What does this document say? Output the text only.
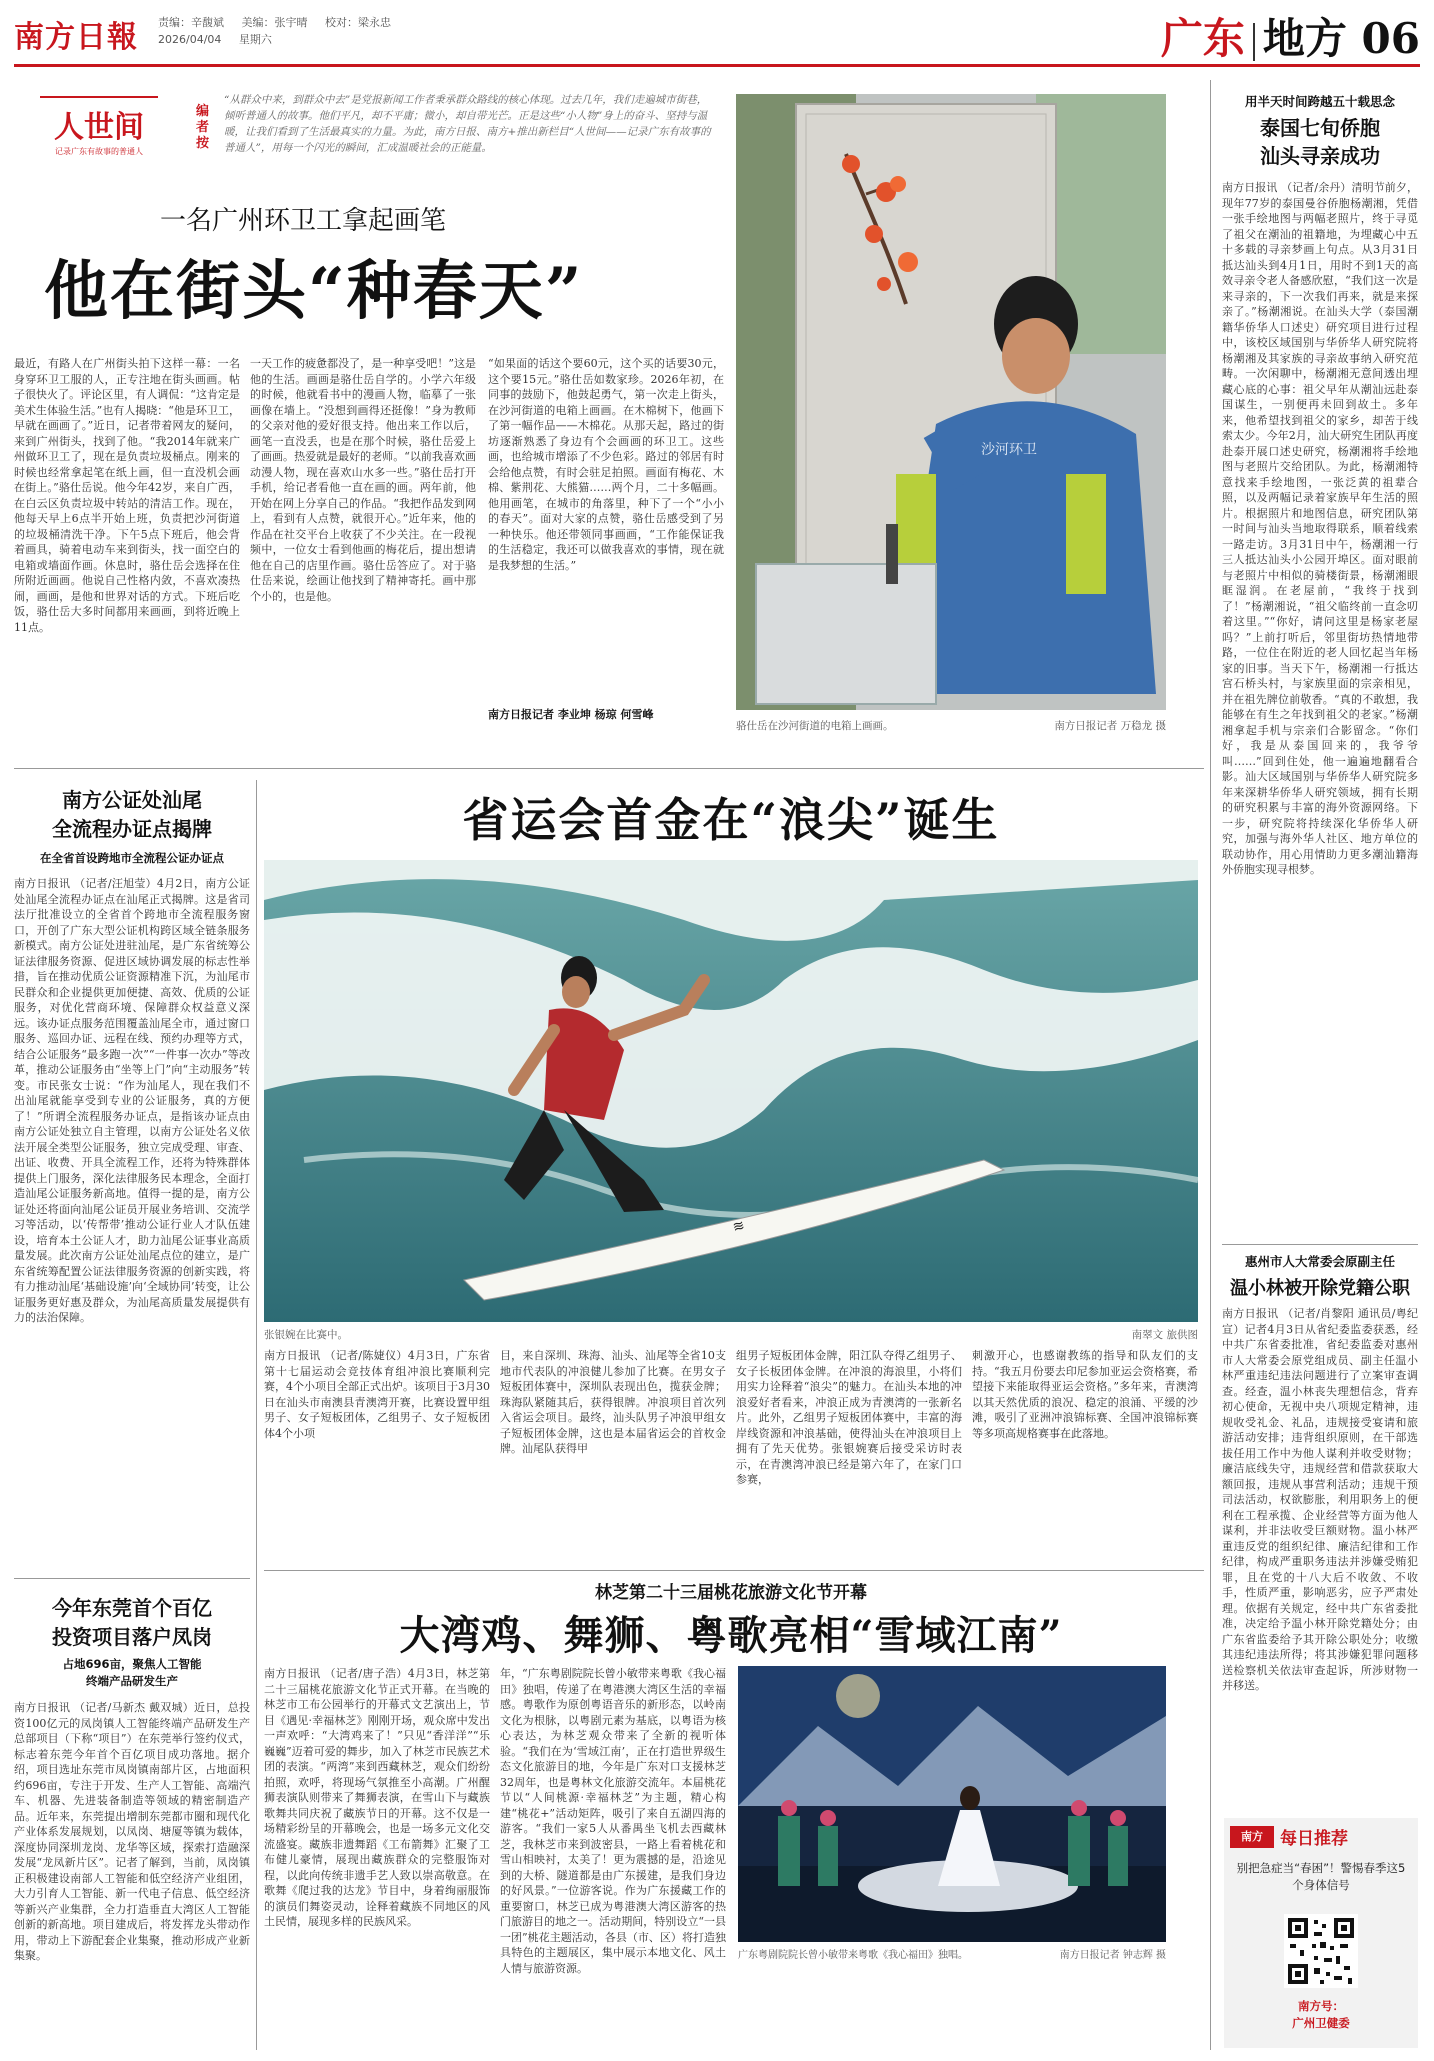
南方日報 责编：辛馥斌 美编：张宇晴 校对：梁永忠
2026/04/04 星期六	广东 地方 06
人世间
记录广东有故事的普通人
编者按
“从群众中来，到群众中去”是党报新闻工作者秉承群众路线的核心体现。过去几年，我们走遍城市街巷，倾听普通人的故事。他们平凡，却不平庸；微小，却自带光芒。正是这些“小人物”身上的奋斗、坚持与温暖，让我们看到了生活最真实的力量。为此，南方日报、南方+推出新栏目“人世间——记录广东有故事的普通人”，用每一个闪光的瞬间，汇成温暖社会的正能量。
一名广州环卫工拿起画笔
他在街头“种春天”
最近，有路人在广州街头拍下这样一幕：一名身穿环卫工服的人，正专注地在街头画画。帖子很快火了。评论区里，有人调侃：“这肯定是美术生体验生活。”也有人揭晓：“他是环卫工，早就在画画了。”近日，记者带着网友的疑问，来到广州街头，找到了他。“我2014年就来广州做环卫工了，现在是负责垃圾桶点。刚来的时候也经常拿起笔在纸上画，但一直没机会画在街上。”骆仕岳说。他今年42岁，来自广西，在白云区负责垃圾中转站的清洁工作。现在，他每天早上6点半开始上班，负责把沙河街道的垃圾桶清洗干净。下午5点下班后，他会背着画具，骑着电动车来到街头，找一面空白的电箱或墙面作画。休息时，骆仕岳会选择在住所附近画画。他说自己性格内敛，不喜欢凑热闹，画画，是他和世界对话的方式。下班后吃饭，骆仕岳大多时间都用来画画，到将近晚上11点。
一天工作的疲惫都没了，是一种享受吧！”这是他的生活。画画是骆仕岳自学的。小学六年级的时候，他就看书中的漫画人物，临摹了一张画像在墙上。“没想到画得还挺像！”身为教师的父亲对他的爱好很支持。他出来工作以后，画笔一直没丢，也是在那个时候，骆仕岳爱上了画画。热爱就是最好的老师。“以前我喜欢画动漫人物，现在喜欢山水多一些。”骆仕岳打开手机，给记者看他一直在画的画。两年前，他开始在网上分享自己的作品。“我把作品发到网上，看到有人点赞，就很开心。”近年来，他的作品在社交平台上收获了不少关注。在一段视频中，一位女士看到他画的梅花后，提出想请他在自己的店里作画。骆仕岳答应了。对于骆仕岳来说，绘画让他找到了精神寄托。画中那个小的，也是他。
“如果面的话这个要60元，这个买的话要30元，这个要15元。”骆仕岳如数家珍。2026年初，在同事的鼓励下，他鼓起勇气，第一次走上街头，在沙河街道的电箱上画画。在木棉树下，他画下了第一幅作品——木棉花。从那天起，路过的街坊逐渐熟悉了身边有个会画画的环卫工。这些画，也给城市增添了不少色彩。路过的邻居有时会给他点赞，有时会驻足拍照。画面有梅花、木棉、紫荆花、大熊猫……两个月，二十多幅画。他用画笔，在城市的角落里，种下了一个“小小的春天”。面对大家的点赞，骆仕岳感受到了另一种快乐。他还带领同事画画，“工作能保证我的生活稳定，我还可以做我喜欢的事情，现在就是我梦想的生活。”
南方日报记者 李业坤 杨琼 何雪峰
沙河环卫
骆仕岳在沙河街道的电箱上画画。	南方日报记者 万稳龙 摄
用半天时间跨越五十载思念
泰国七旬侨胞
汕头寻亲成功
南方日报讯 （记者/余丹）清明节前夕，现年77岁的泰国曼谷侨胞杨潮湘，凭借一张手绘地图与两幅老照片，终于寻觅了祖父在潮汕的祖籍地，为埋藏心中五十多载的寻亲梦画上句点。从3月31日抵达汕头到4月1日，用时不到1天的高效寻亲令老人备感欣慰，“我们这一次是来寻亲的，下一次我们再来，就是来探亲了。”杨潮湘说。在汕头大学（泰国潮籍华侨华人口述史）研究项目进行过程中，该校区域国别与华侨华人研究院将杨潮湘及其家族的寻亲故事纳入研究范畴。一次闲聊中，杨潮湘无意间透出埋藏心底的心事：祖父早年从潮汕远赴泰国谋生，一别便再未回到故土。多年来，他希望找到祖父的家乡，却苦于线索太少。今年2月，汕大研究生团队再度赴泰开展口述史研究，杨潮湘将手绘地图与老照片交给团队。为此，杨潮湘特意找来手绘地图，一张泛黄的祖辈合照，以及两幅记录着家族早年生活的照片。根据照片和地图信息，研究团队第一时间与汕头当地取得联系，顺着线索一路走访。3月31日中午，杨潮湘一行三人抵达汕头小公园开埠区。面对眼前与老照片中相似的骑楼街景，杨潮湘眼眶湿润。在老屋前，“我终于找到了！”杨潮湘说，“祖父临终前一直念叨着这里。”“你好，请问这里是杨家老屋吗？”上前打听后，邻里街坊热情地带路，一位住在附近的老人回忆起当年杨家的旧事。当天下午，杨潮湘一行抵达宫石桥头村，与家族里面的宗亲相见，并在祖先牌位前敬香。“真的不敢想，我能够在有生之年找到祖父的老家。”杨潮湘拿起手机与宗亲们合影留念。“你们好，我是从泰国回来的，我爷爷叫……”回到住处，他一遍遍地翻看合影。汕大区域国别与华侨华人研究院多年来深耕华侨华人研究领域，拥有长期的研究积累与丰富的海外资源网络。下一步，研究院将持续深化华侨华人研究，加强与海外华人社区、地方单位的联动协作，用心用情助力更多潮汕籍海外侨胞实现寻根梦。
南方公证处汕尾
全流程办证点揭牌
在全省首设跨地市全流程公证办证点
南方日报讯 （记者/汪旭莹）4月2日，南方公证处汕尾全流程办证点在汕尾正式揭牌。这是省司法厅批准设立的全省首个跨地市全流程服务窗口，开创了广东大型公证机构跨区域全链条服务新模式。南方公证处进驻汕尾，是广东省统筹公证法律服务资源、促进区域协调发展的标志性举措，旨在推动优质公证资源精准下沉，为汕尾市民群众和企业提供更加便捷、高效、优质的公证服务，对优化营商环境、保障群众权益意义深远。该办证点服务范围覆盖汕尾全市，通过窗口服务、巡回办证、远程在线、预约办理等方式，结合公证服务“最多跑一次”“一件事一次办”等改革，推动公证服务由“坐等上门”向“主动服务”转变。市民张女士说：“作为汕尾人，现在我们不出汕尾就能享受到专业的公证服务，真的方便了！”所谓全流程服务办证点，是指该办证点由南方公证处独立自主管理，以南方公证处名义依法开展全类型公证服务，独立完成受理、审查、出证、收费、开具全流程工作，还将为特殊群体提供上门服务，深化法律服务民本理念，全面打造汕尾公证服务新高地。值得一提的是，南方公证处还将面向汕尾公证员开展业务培训、交流学习等活动，以‘传帮带’推动公证行业人才队伍建设，培育本土公证人才，助力汕尾公证事业高质量发展。此次南方公证处汕尾点位的建立，是广东省统筹配置公证法律服务资源的创新实践，将有力推动汕尾‘基础设施’向‘全域协同’转变，让公证服务更好惠及群众，为汕尾高质量发展提供有力的法治保障。
省运会首金在“浪尖”诞生
≋
张银婉在比赛中。	南翠文 旅供图
南方日报讯 （记者/陈婕仪）4月3日，广东省第十七届运动会竞技体育组冲浪比赛顺利完赛，4个小项目全部正式出炉。该项目于3月30日在汕头市南澳县青澳湾开赛，比赛设置甲组男子、女子短板团体，乙组男子、女子短板团体4个小项
目，来自深圳、珠海、汕头、汕尾等全省10支地市代表队的冲浪健儿参加了比赛。在男女子短板团体赛中，深圳队表现出色，揽获金牌；珠海队紧随其后，获得银牌。冲浪项目首次列入省运会项目。最终，汕头队男子冲浪甲组女子短板团体金牌，这也是本届省运会的首枚金牌。汕尾队获得甲
组男子短板团体金牌，阳江队夺得乙组男子、女子长板团体金牌。在冲浪的海浪里，小将们用实力诠释着“浪尖”的魅力。在汕头本地的冲浪爱好者看来，冲浪正成为青澳湾的一张新名片。此外，乙组男子短板团体赛中，丰富的海岸线资源和冲浪基础，使得汕头在冲浪项目上拥有了先天优势。张银婉赛后接受采访时表示，在青澳湾冲浪已经是第六年了，在家门口参赛，
刺激开心，也感谢教练的指导和队友们的支持。“我五月份要去印尼参加亚运会资格赛，希望接下来能取得亚运会资格。”多年来，青澳湾以其天然优质的浪况、稳定的浪涌、平缓的沙滩，吸引了亚洲冲浪锦标赛、全国冲浪锦标赛等多项高规格赛事在此落地。
今年东莞首个百亿
投资项目落户凤岗
占地696亩，聚焦人工智能
终端产品研发生产
南方日报讯 （记者/马新杰 戴双城）近日，总投资100亿元的凤岗镇人工智能终端产品研发生产总部项目（下称“项目”）在东莞举行签约仪式，标志着东莞今年首个百亿项目成功落地。据介绍，项目选址东莞市凤岗镇南部片区，占地面积约696亩，专注于开发、生产人工智能、高端汽车、机器、先进装备制造等领域的精密制造产品。近年来，东莞提出增制东莞都市圈和现代化产业体系发展规划，以凤岗、塘厦等镇为载体，深度协同深圳龙岗、龙华等区域，探索打造融深发展“龙凤新片区”。记者了解到，当前，凤岗镇正积极建设南部人工智能和低空经济产业组团，大力引育人工智能、新一代电子信息、低空经济等新兴产业集群，全力打造垂直大湾区人工智能创新的新高地。项目建成后，将发挥龙头带动作用，带动上下游配套企业集聚，推动形成产业新集聚。
林芝第二十三届桃花旅游文化节开幕
大湾鸡、舞狮、粤歌亮相“雪域江南”
南方日报讯 （记者/唐子浩）4月3日，林芝第二十三届桃花旅游文化节正式开幕。在当晚的林芝市工布公园举行的开幕式文艺演出上，节目《遇见·幸福林芝》刚刚开场，观众席中发出一声欢呼：“大湾鸡来了！”只见“香洋洋”“乐巍巍”迈着可爱的舞步，加入了林芝市民族艺术团的表演。“两湾”来到西藏林芝，观众们纷纷拍照，欢呼，将现场气氛推至小高潮。广州醒狮表演队则带来了舞狮表演，在雪山下与藏族歌舞共同庆祝了藏族节日的开幕。这不仅是一场精彩纷呈的开幕晚会，也是一场多元文化交流盛宴。藏族非遗舞蹈《工布箭舞》汇聚了工布健儿豪情，展现出藏族群众的完整服饰对程，以此向传统非遗手艺人致以崇高敬意。在歌舞《爬过我的达龙》节目中，身着绚丽服饰的演员们舞姿灵动，诠释着藏族不同地区的风土民情，展现多样的民族风采。
年，“广东粤剧院院长曾小敏带来粤歌《我心福田》独唱，传递了在粤港澳大湾区生活的幸福感。粤歌作为原创粤语音乐的新形态，以岭南文化为根脉，以粤剧元素为基底，以粤语为核心表达，为林芝观众带来了全新的视听体验。“我们在为‘雪域江南’，正在打造世界级生态文化旅游目的地，今年是广东对口支援林芝32周年，也是粤林文化旅游交流年。本届桃花节以“人间桃源·幸福林芝”为主题，精心构建“桃花+”活动矩阵，吸引了来自五湖四海的游客。“我们一家5人从番禺坐飞机去西藏林芝，我林芝市来到波密县，一路上看着桃花和雪山相映衬，太美了！更为震撼的是，沿途见到的大桥、隧道都是由广东援建，是我们身边的好风景。”一位游客说。作为广东援藏工作的重要窗口，林芝已成为粤港澳大湾区游客的热门旅游目的地之一。活动期间，特别设立“一县一团”桃花主题活动，各县（市、区）将打造独具特色的主题展区，集中展示本地文化、风土人情与旅游资源。
广东粤剧院院长曾小敏带来粤歌《我心福田》独唱。	南方日报记者 钟志辉 摄
惠州市人大常委会原副主任
温小林被开除党籍公职
南方日报讯 （记者/肖黎阳 通讯员/粤纪宣）记者4月3日从省纪委监委获悉，经中共广东省委批准，省纪委监委对惠州市人大常委会原党组成员、副主任温小林严重违纪违法问题进行了立案审查调查。经查，温小林丧失理想信念，背弃初心使命，无视中央八项规定精神，违规收受礼金、礼品，违规接受宴请和旅游活动安排；违背组织原则，在干部选拔任用工作中为他人谋利并收受财物；廉洁底线失守，违规经营和借款获取大额回报，违规从事营利活动；违规干预司法活动，权欲膨胀，利用职务上的便利在工程承揽、企业经营等方面为他人谋利，并非法收受巨额财物。温小林严重违反党的组织纪律、廉洁纪律和工作纪律，构成严重职务违法并涉嫌受贿犯罪，且在党的十八大后不收敛、不收手，性质严重，影响恶劣，应予严肃处理。依据有关规定，经中共广东省委批准，决定给予温小林开除党籍处分；由广东省监委给予其开除公职处分；收缴其违纪违法所得；将其涉嫌犯罪问题移送检察机关依法审查起诉，所涉财物一并移送。
南方	每日推荐
别把急症当“春困”！警惕春季这5个身体信号
南方号：
广州卫健委
